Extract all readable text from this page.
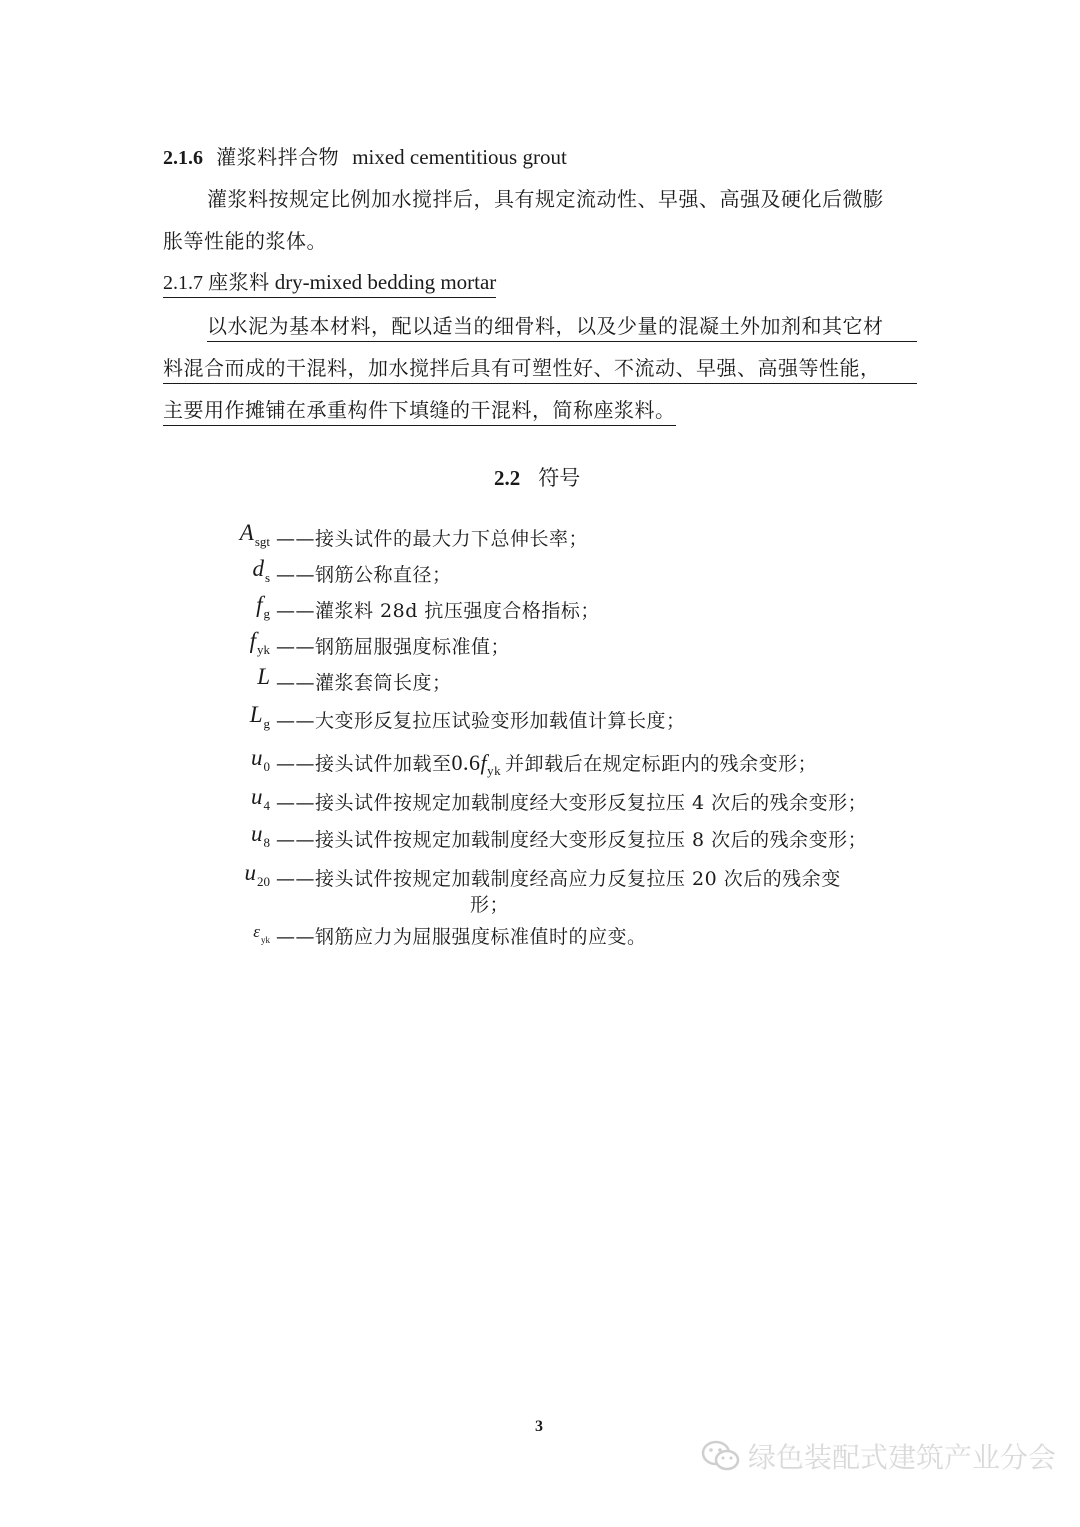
2.1.6 灌浆料拌合物 mixed cementitious grout
灌浆料按规定比例加水搅拌后，具有规定流动性、早强、高强及硬化后微膨
胀等性能的浆体。
2.1.7 座浆料 dry-mixed bedding mortar
以水泥为基本材料，配以适当的细骨料，以及少量的混凝土外加剂和其它材
料混合而成的干混料，加水搅拌后具有可塑性好、不流动、早强、高强等性能，
主要用作摊铺在承重构件下填缝的干混料，简称座浆料。
2.2 符号
$A_{sgt}$ ——接头试件的最大力下总伸长率；
$d_s$ ——钢筋公称直径；
$f_g$ ——灌浆料 28d 抗压强度合格指标；
$f_{yk}$ ——钢筋屈服强度标准值；
L ——灌浆套筒长度；
$L_g$ ——大变形反复拉压试验变形加载值计算长度；
$u_0$ ——接头试件加载至$0.6f_{yk}$ 并卸载后在规定标距内的残余变形；
$u_4$ ——接头试件按规定加载制度经大变形反复拉压 4 次后的残余变形；
$u_8$ ——接头试件按规定加载制度经大变形反复拉压 8 次后的残余变形；
$u_{20}$ ——接头试件按规定加载制度经高应力反复拉压 20 次后的残余变
形；
$\varepsilon_{yk}$ ——钢筋应力为屈服强度标准值时的应变。
3
绿色装配式建筑产业分会
